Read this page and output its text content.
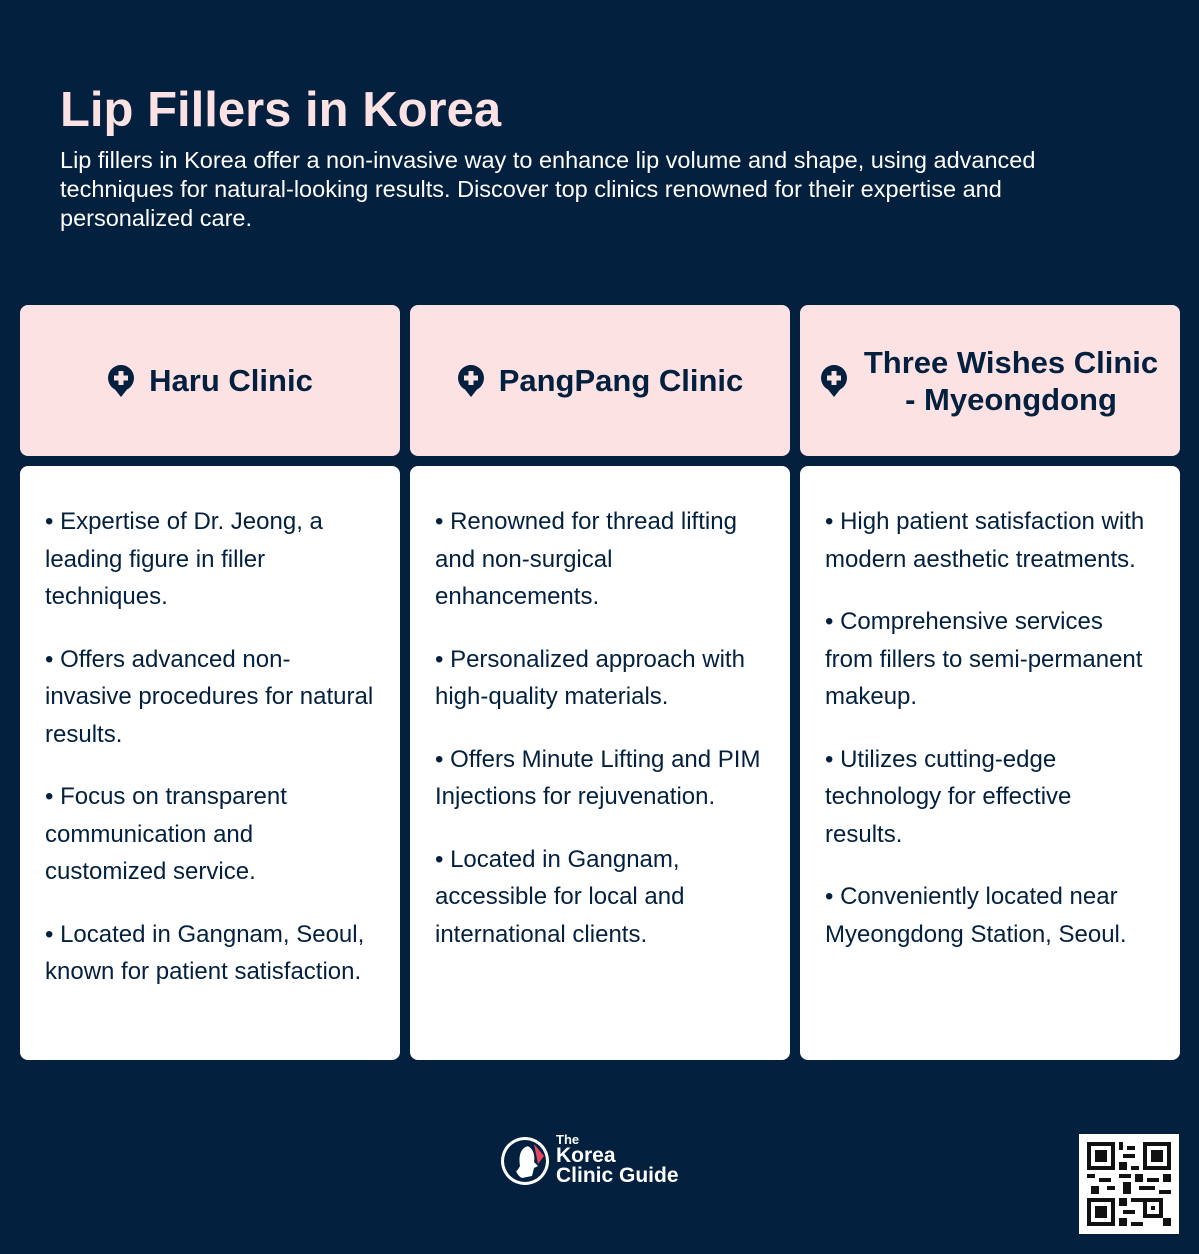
Lip Fillers in Korea

Lip fillers in Korea offer a non-invasive way to enhance lip volume and shape, using advanced techniques for natural-looking results. Discover top clinics renowned for their expertise and personalized care.

Haru Clinic

• Expertise of Dr. Jeong, a leading figure in filler techniques.

• Offers advanced non-invasive procedures for natural results.

• Focus on transparent communication and customized service.

• Located in Gangnam, Seoul, known for patient satisfaction.

PangPang Clinic

• Renowned for thread lifting and non-surgical enhancements.

• Personalized approach with high-quality materials.

• Offers Minute Lifting and PIM Injections for rejuvenation.

• Located in Gangnam, accessible for local and international clients.

Three Wishes Clinic - Myeongdong

• High patient satisfaction with modern aesthetic treatments.

• Comprehensive services from fillers to semi-permanent makeup.

• Utilizes cutting-edge technology for effective results.

• Conveniently located near Myeongdong Station, Seoul.

The
Korea
Clinic Guide
